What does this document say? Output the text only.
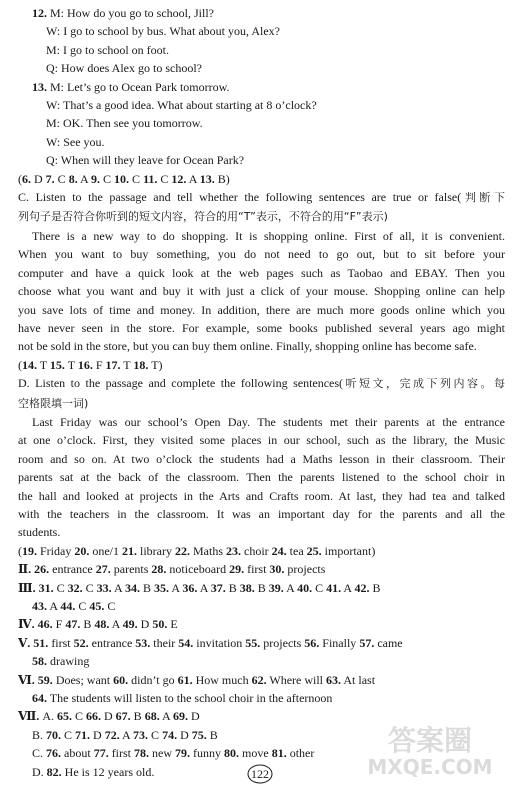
12. M: How do you go to school, Jill?
W: I go to school by bus. What about you, Alex?
M: I go to school on foot.
Q: How does Alex go to school?
13. M: Let’s go to Ocean Park tomorrow.
W: That’s a good idea. What about starting at 8 o’clock?
M: OK. Then see you tomorrow.
W: See you.
Q: When will they leave for Ocean Park?
(6. D 7. C 8. A 9. C 10. C 11. C 12. A 13. B)
C. Listen to the passage and tell whether the following sentences are true or false(判断下
列句子是否符合你听到的短文内容，符合的用“T”表示，不符合的用“F”表示)
There is a new way to do shopping. It is shopping online. First of all, it is convenient.
When you want to buy something, you do not need to go out, but to sit before your
computer and have a quick look at the web pages such as Taobao and EBAY. Then you
choose what you want and buy it with just a click of your mouse. Shopping online can help
you save lots of time and money. In addition, there are much more goods online which you
have never seen in the store. For example, some books published several years ago might
not be sold in the store, but you can buy them online. Finally, shopping online has become safe.
(14. T 15. T 16. F 17. T 18. T)
D. Listen to the passage and complete the following sentences(听短文，完成下列内容。每
空格限填一词)
Last Friday was our school’s Open Day. The students met their parents at the entrance
at one o’clock. First, they visited some places in our school, such as the library, the Music
room and so on. At two o’clock the students had a Maths lesson in their classroom. Their
parents sat at the back of the classroom. Then the parents listened to the school choir in
the hall and looked at projects in the Arts and Crafts room. At last, they had tea and talked
with the teachers in the classroom. It was an important day for the parents and all the
students.
(19. Friday 20. one/1 21. library 22. Maths 23. choir 24. tea 25. important)
Ⅱ. 26. entrance 27. parents 28. noticeboard 29. first 30. projects
Ⅲ. 31. C 32. C 33. A 34. B 35. A 36. A 37. B 38. B 39. A 40. C 41. A 42. B
43. A 44. C 45. C
Ⅳ. 46. F 47. B 48. A 49. D 50. E
Ⅴ. 51. first 52. entrance 53. their 54. invitation 55. projects 56. Finally 57. came
58. drawing
Ⅵ. 59. Does; want 60. didn’t go 61. How much 62. Where will 63. At last
64. The students will listen to the school choir in the afternoon
Ⅶ. A. 65. C 66. D 67. B 68. A 69. D
B. 70. C 71. D 72. A 73. C 74. D 75. B
C. 76. about 77. first 78. new 79. funny 80. move 81. other
D. 82. He is 12 years old.	122
答案圈
MXQE.COM
